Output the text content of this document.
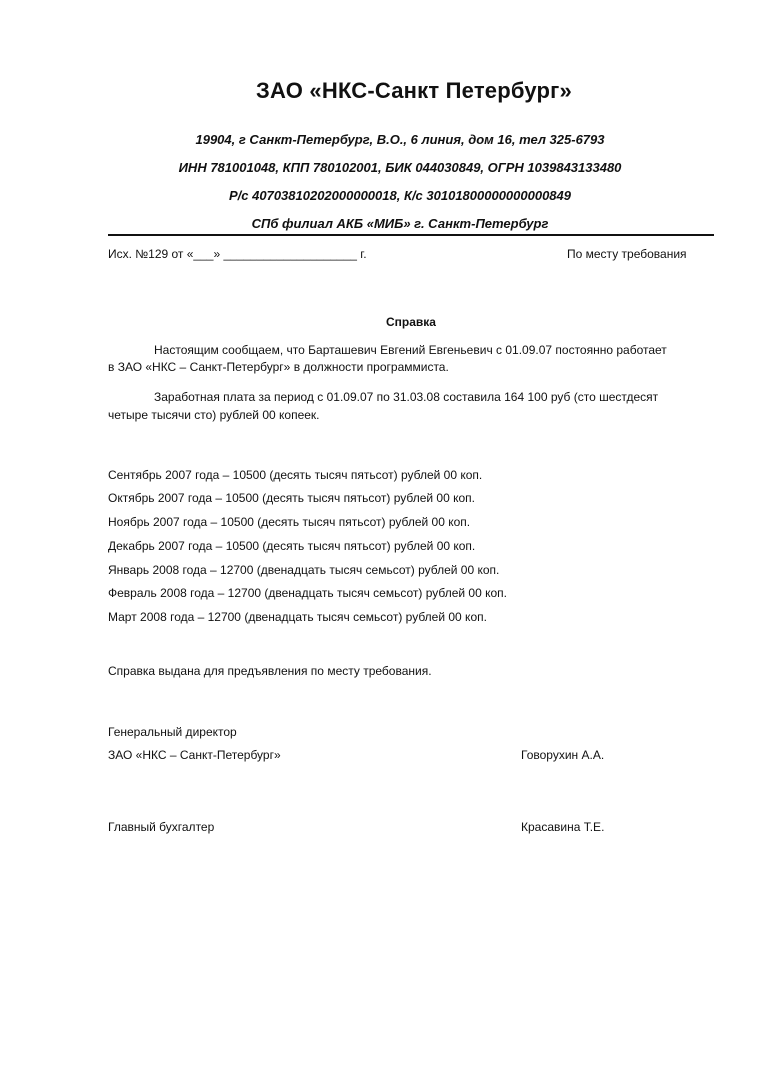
ЗАО «НКС-Санкт Петербург»
19904, г Санкт-Петербург, В.О., 6 линия, дом 16, тел 325-6793
ИНН 781001048, КПП 780102001, БИК 044030849, ОГРН 1039843133480
Р/с 40703810202000000018, К/с 30101800000000000849
СПб филиал АКБ «МИБ» г. Санкт-Петербург
Исх. №129 от «___» ____________________ г.	По месту требования
Справка
Настоящим сообщаем, что Барташевич Евгений Евгеньевич с 01.09.07 постоянно работает
в ЗАО «НКС – Санкт-Петербург» в должности программиста.
Заработная плата за период с 01.09.07 по 31.03.08 составила 164 100 руб (сто шестдесят
четыре тысячи сто) рублей 00 копеек.
Сентябрь 2007 года – 10500 (десять тысяч пятьсот) рублей 00 коп.
Октябрь 2007 года – 10500 (десять тысяч пятьсот) рублей 00 коп.
Ноябрь 2007 года – 10500 (десять тысяч пятьсот) рублей 00 коп.
Декабрь 2007 года – 10500 (десять тысяч пятьсот) рублей 00 коп.
Январь 2008 года – 12700 (двенадцать тысяч семьсот) рублей 00 коп.
Февраль 2008 года – 12700 (двенадцать тысяч семьсот) рублей 00 коп.
Март 2008 года – 12700 (двенадцать тысяч семьсот) рублей 00 коп.
Справка выдана для предъявления по месту требования.
Генеральный директор
ЗАО «НКС – Санкт-Петербург»	Говорухин А.А.
Главный бухгалтер	Красавина Т.Е.
